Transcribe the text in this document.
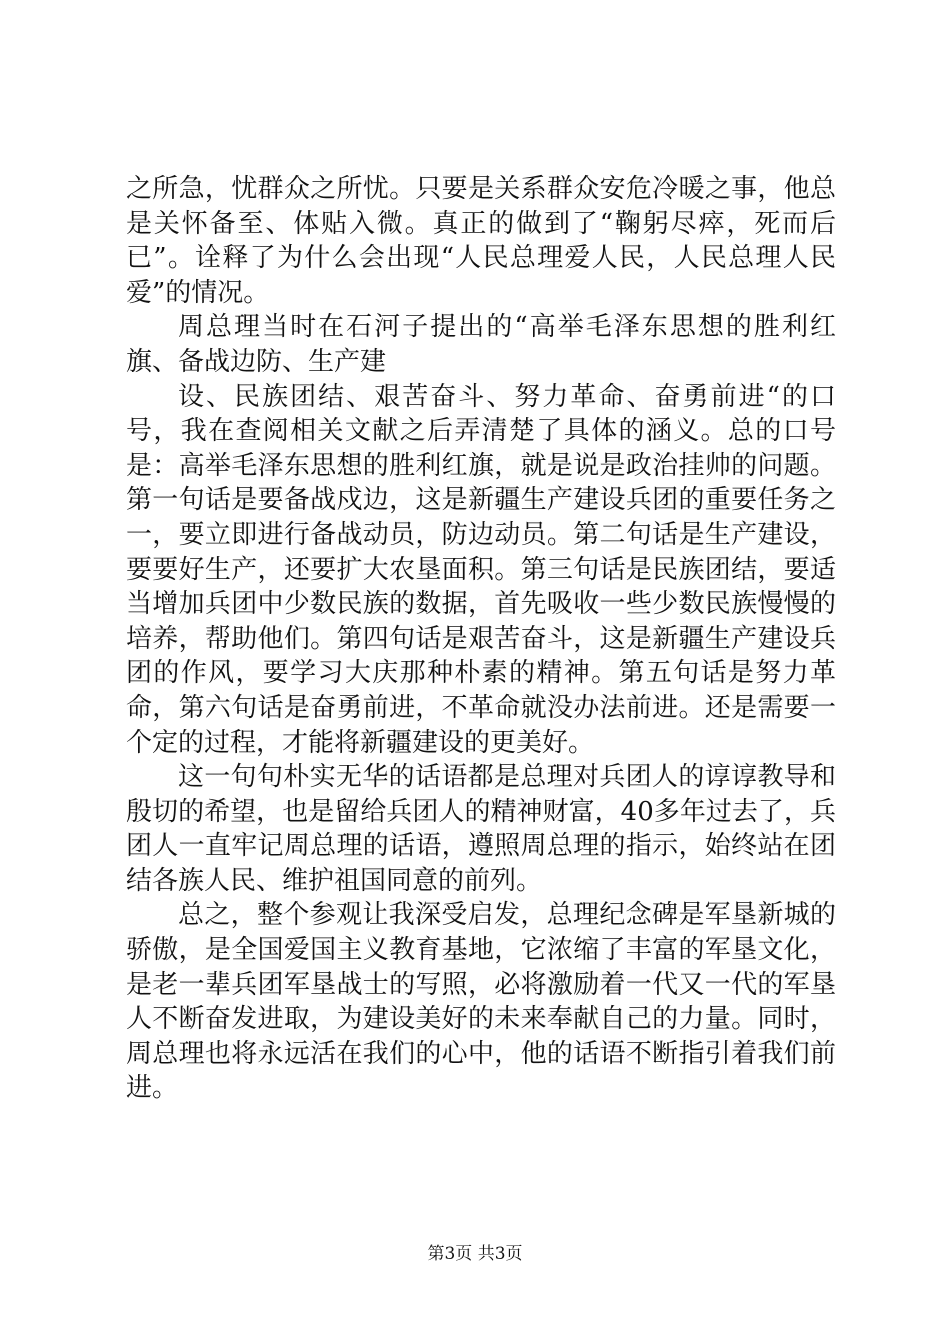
之所急，忧群众之所忧。只要是关系群众安危冷暖之事，他总是关怀备至、体贴入微。真正的做到了“鞠躬尽瘁，死而后已”。诠释了为什么会出现“人民总理爱人民，人民总理人民爱”的情况。

周总理当时在石河子提出的“高举毛泽东思想的胜利红旗、备战边防、生产建

设、民族团结、艰苦奋斗、努力革命、奋勇前进“的口号，我在查阅相关文献之后弄清楚了具体的涵义。总的口号是：高举毛泽东思想的胜利红旗，就是说是政治挂帅的问题。第一句话是要备战戍边，这是新疆生产建设兵团的重要任务之一，要立即进行备战动员，防边动员。第二句话是生产建设，要要好生产，还要扩大农垦面积。第三句话是民族团结，要适当增加兵团中少数民族的数据，首先吸收一些少数民族慢慢的培养，帮助他们。第四句话是艰苦奋斗，这是新疆生产建设兵团的作风，要学习大庆那种朴素的精神。第五句话是努力革命，第六句话是奋勇前进，不革命就没办法前进。还是需要一个定的过程，才能将新疆建设的更美好。

这一句句朴实无华的话语都是总理对兵团人的谆谆教导和殷切的希望，也是留给兵团人的精神财富，40多年过去了，兵团人一直牢记周总理的话语，遵照周总理的指示，始终站在团结各族人民、维护祖国同意的前列。

总之，整个参观让我深受启发，总理纪念碑是军垦新城的骄傲，是全国爱国主义教育基地，它浓缩了丰富的军垦文化，是老一辈兵团军垦战士的写照，必将激励着一代又一代的军垦人不断奋发进取，为建设美好的未来奉献自己的力量。同时，周总理也将永远活在我们的心中，他的话语不断指引着我们前进。

第3页 共3页
